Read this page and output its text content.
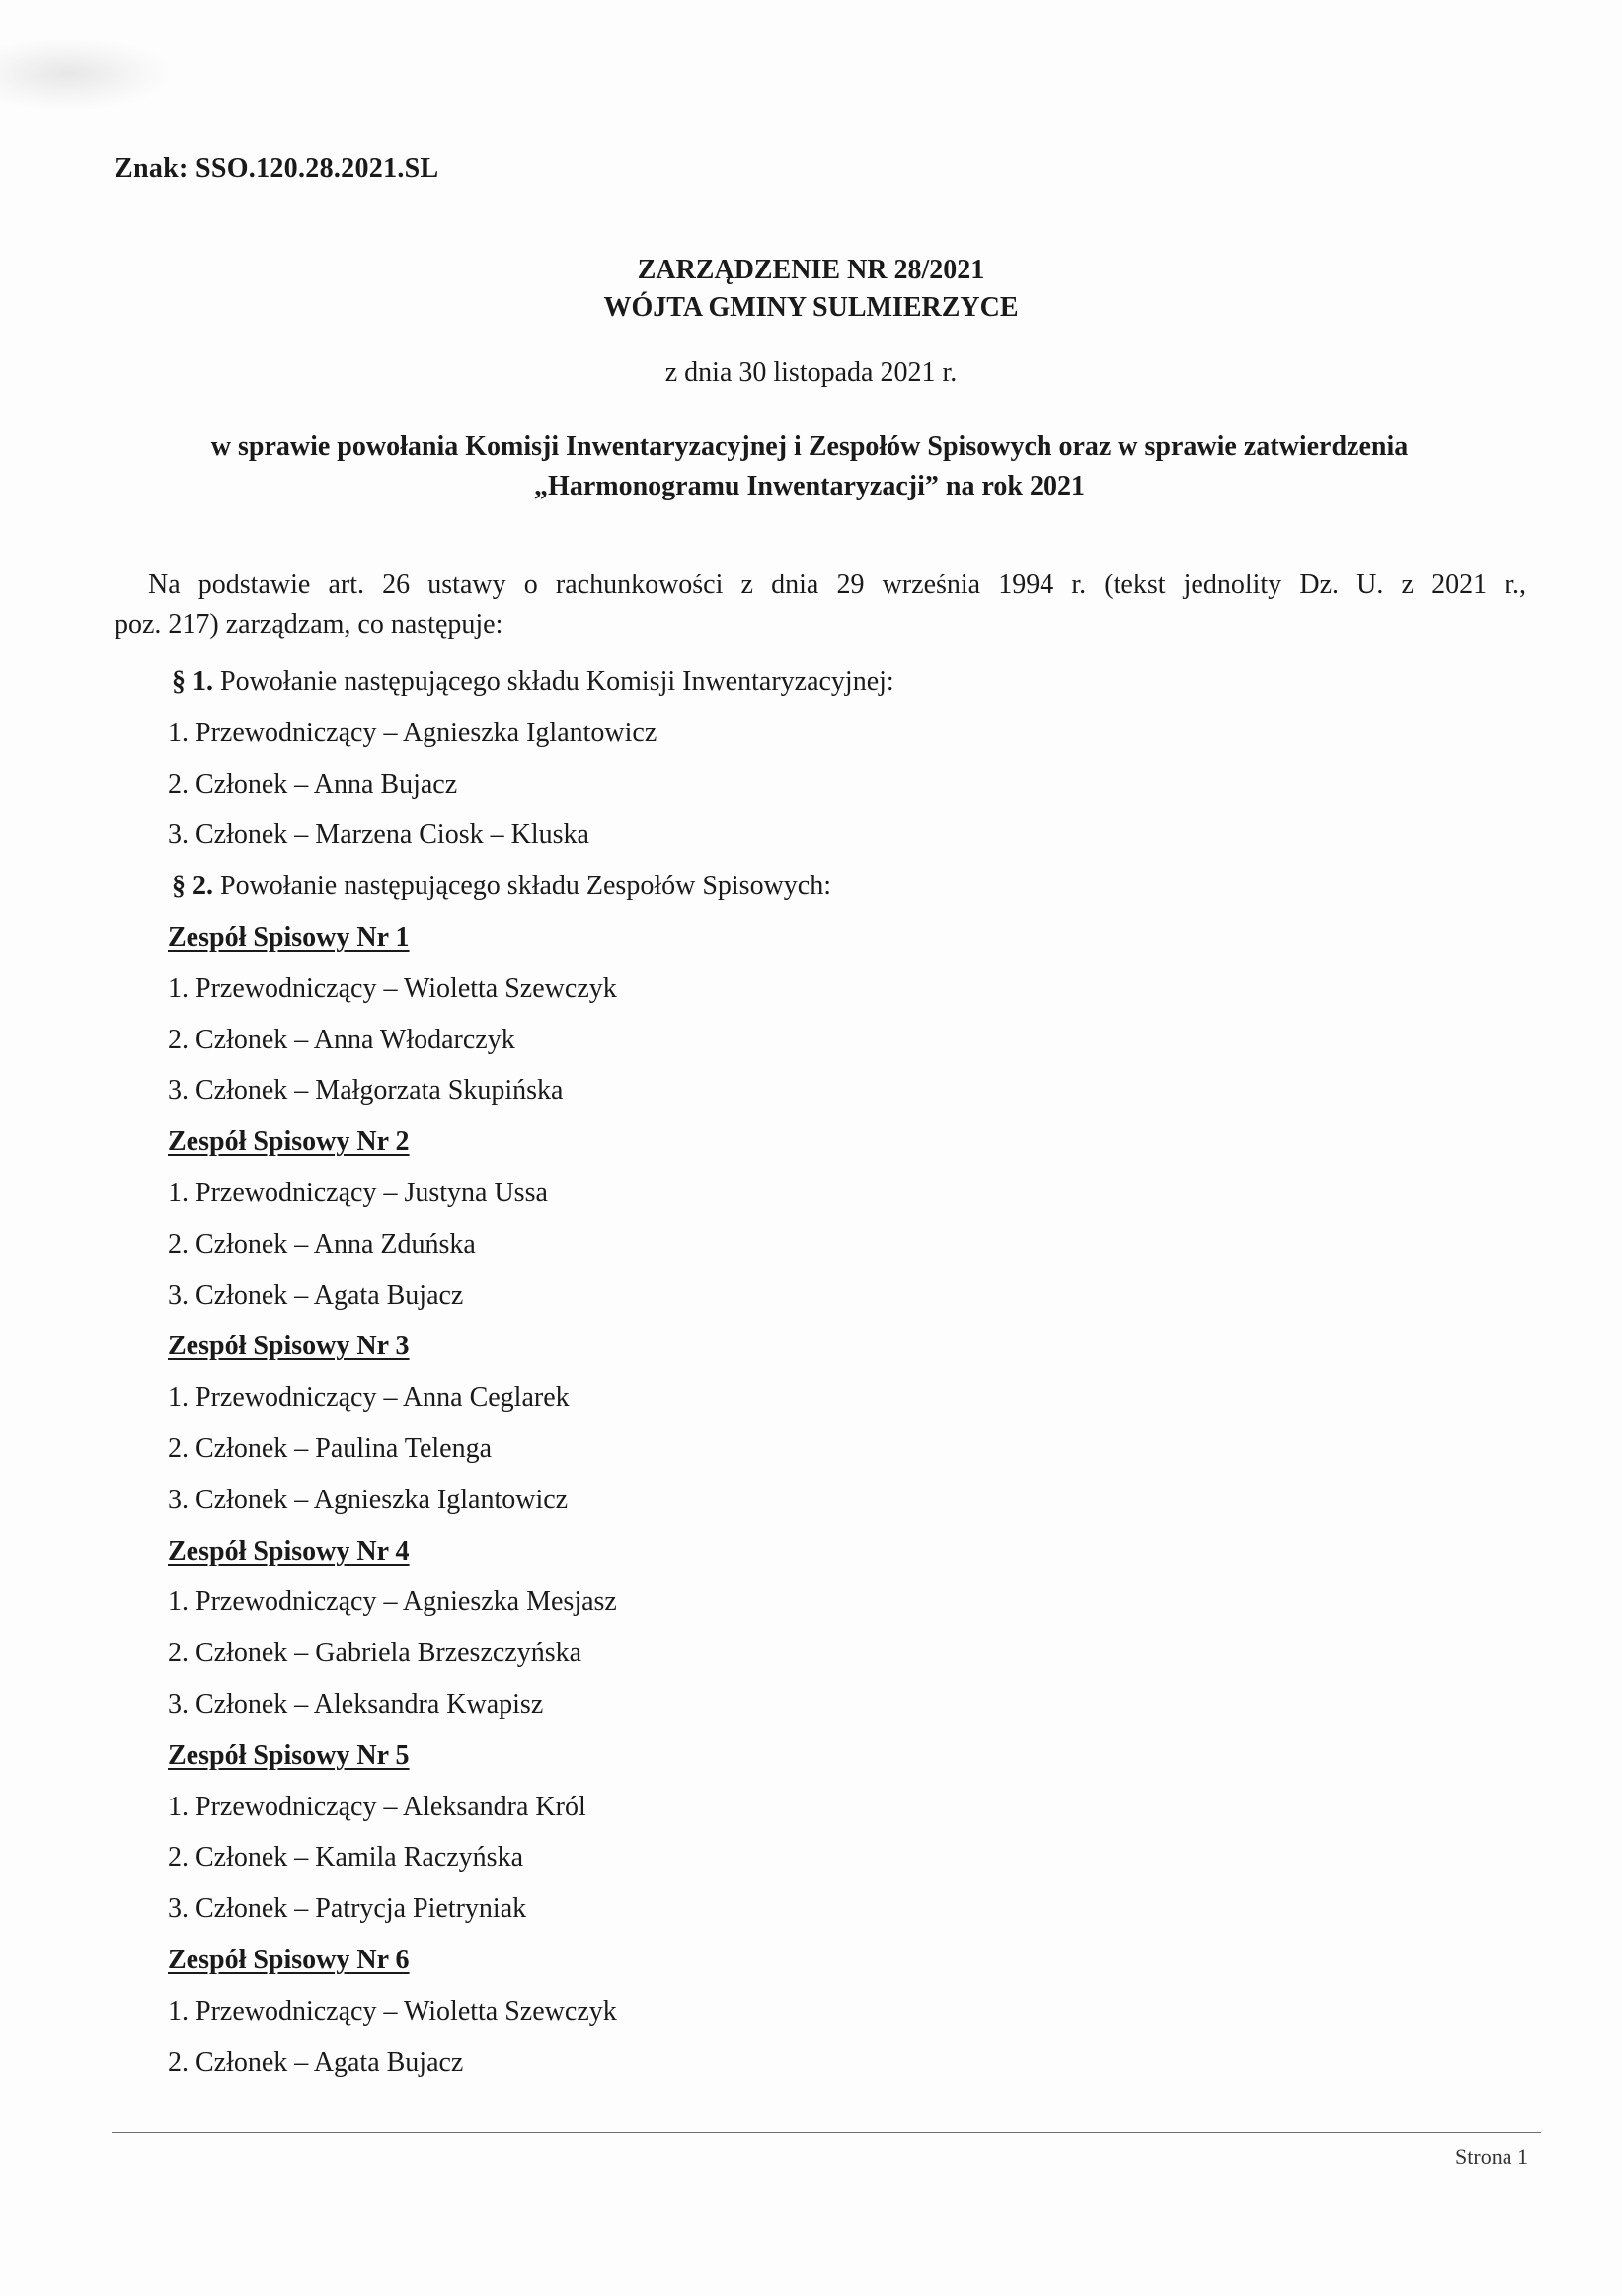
Znak: SSO.120.28.2021.SL
ZARZĄDZENIE NR 28/2021
WÓJTA GMINY SULMIERZYCE
z dnia 30 listopada 2021 r.
w sprawie powołania Komisji Inwentaryzacyjnej i Zespołów Spisowych oraz w sprawie zatwierdzenia
„Harmonogramu Inwentaryzacji” na rok 2021
Na podstawie art. 26 ustawy o rachunkowości z dnia 29 września 1994 r. (tekst jednolity Dz. U. z 2021 r.,
poz. 217) zarządzam, co następuje:
§ 1. Powołanie następującego składu Komisji Inwentaryzacyjnej:
1. Przewodniczący – Agnieszka Iglantowicz
2. Członek – Anna Bujacz
3. Członek – Marzena Ciosk – Kluska
§ 2. Powołanie następującego składu Zespołów Spisowych:
Zespół Spisowy Nr 1
1. Przewodniczący – Wioletta Szewczyk
2. Członek – Anna Włodarczyk
3. Członek – Małgorzata Skupińska
Zespół Spisowy Nr 2
1. Przewodniczący – Justyna Ussa
2. Członek – Anna Zduńska
3. Członek – Agata Bujacz
Zespół Spisowy Nr 3
1. Przewodniczący – Anna Ceglarek
2. Członek – Paulina Telenga
3. Członek – Agnieszka Iglantowicz
Zespół Spisowy Nr 4
1. Przewodniczący – Agnieszka Mesjasz
2. Członek – Gabriela Brzeszczyńska
3. Członek – Aleksandra Kwapisz
Zespół Spisowy Nr 5
1. Przewodniczący – Aleksandra Król
2. Członek – Kamila Raczyńska
3. Członek – Patrycja Pietryniak
Zespół Spisowy Nr 6
1. Przewodniczący – Wioletta Szewczyk
2. Członek – Agata Bujacz
Strona 1
